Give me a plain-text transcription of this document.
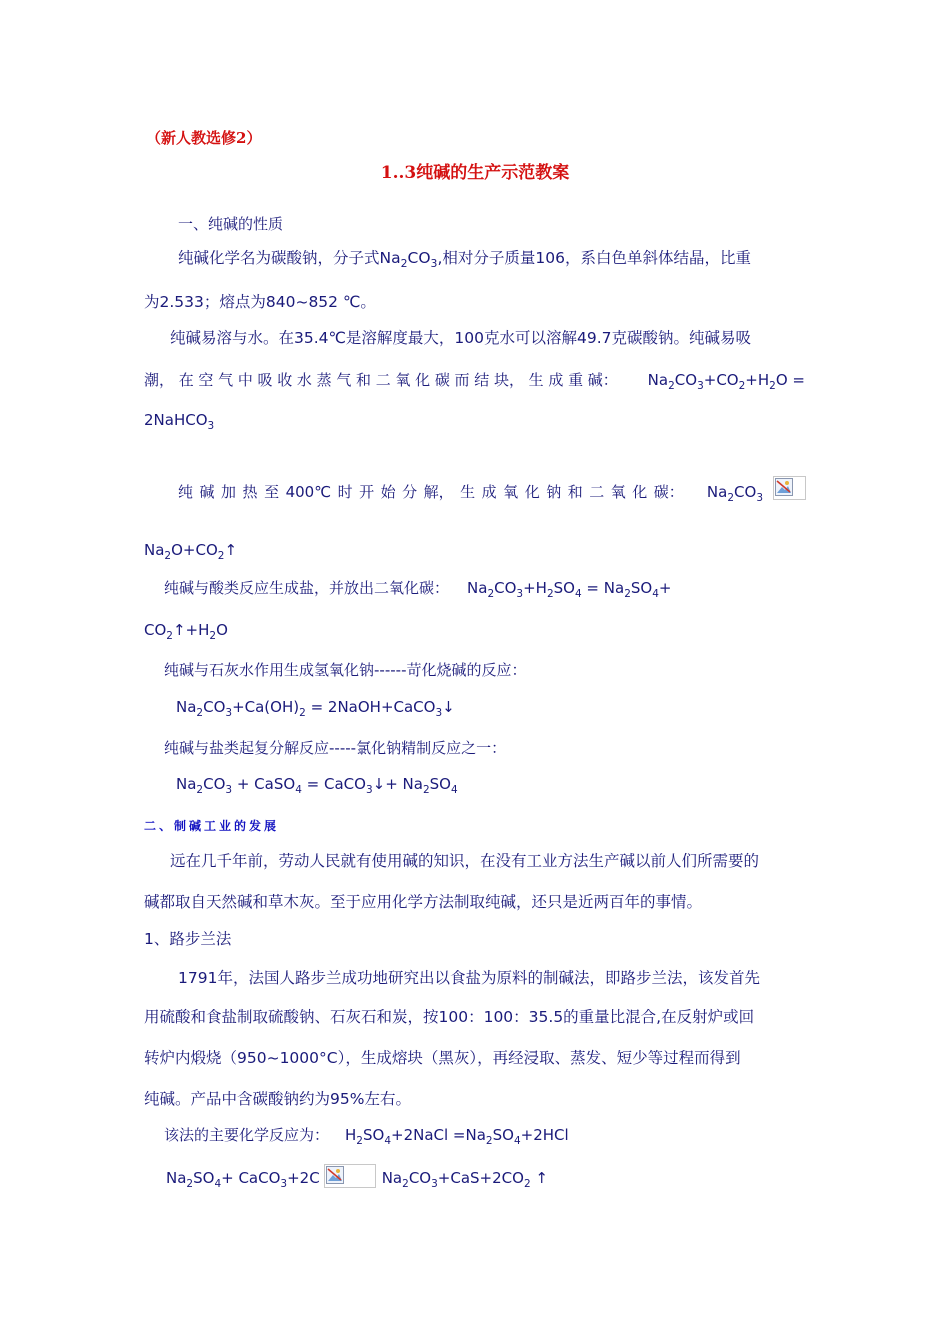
（新人教选修2）
1..3纯碱的生产示范教案
一、纯碱的性质
纯碱化学名为碳酸钠，分子式$Na_2CO_3$,相对分子质量106，系白色单斜体结晶，比重
为2.533；熔点为840~852 ℃。
纯碱易溶与水。在35.4℃是溶解度最大，100克水可以溶解49.7克碳酸钠。纯碱易吸
潮， 在 空 气 中 吸 收 水 蒸 气 和 二 氧 化 碳 而 结 块， 生 成 重 碱： $Na_2CO_3+CO_2+H_2O$ =
2NaHCO$_3$
纯 碱 加 热 至 400℃ 时 开 始 分 解， 生 成 氧 化 钠 和 二 氧 化 碳： $Na_2CO_3$
$Na_2O+CO_2↑$
纯碱与酸类反应生成盐，并放出二氧化碳： $Na_2CO_3+H_2SO_4 = Na_2SO_4+$
$CO_2↑+H_2O$
纯碱与石灰水作用生成氢氧化钠------苛化烧碱的反应：
$Na_2CO_3+Ca(OH)_2$ = 2NaOH+CaCO$_3$↓
纯碱与盐类起复分解反应-----氯化钠精制反应之一：
$Na_2CO_3$ + CaSO$_4$ = CaCO$_3$↓+ $Na_2SO_4$
二、制碱工业的发展
远在几千年前，劳动人民就有使用碱的知识，在没有工业方法生产碱以前人们所需要的
碱都取自天然碱和草木灰。至于应用化学方法制取纯碱，还只是近两百年的事情。
1、路步兰法
1791年，法国人路步兰成功地研究出以食盐为原料的制碱法，即路步兰法，该发首先
用硫酸和食盐制取硫酸钠、石灰石和炭，按100：100：35.5的重量比混合,在反射炉或回
转炉内煅烧（950~1000°C），生成熔块（黑灰），再经浸取、蒸发、短少等过程而得到
纯碱。产品中含碳酸钠约为95%左右。
该法的主要化学反应为： $H_2SO_4+2NaCl =Na_2SO_4+2HCl$
$Na_2SO_4+$ CaCO$_3$+2C	$Na_2CO_3+CaS+2CO_2$ ↑
